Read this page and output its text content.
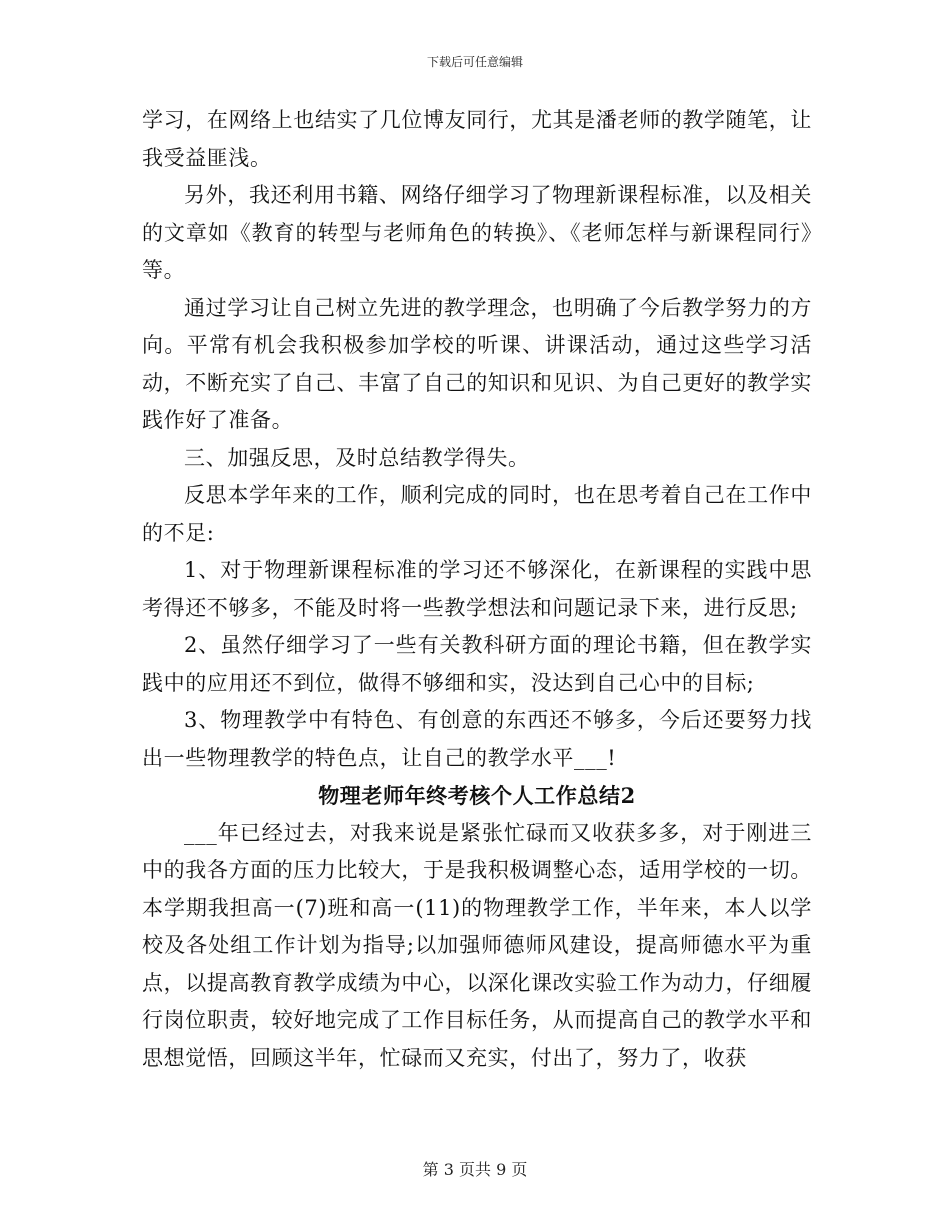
下载后可任意编辑

学习，在网络上也结实了几位博友同行，尤其是潘老师的教学随笔，让我受益匪浅。

另外，我还利用书籍、网络仔细学习了物理新课程标准，以及相关的文章如《教育的转型与老师角色的转换》、《老师怎样与新课程同行》等。

通过学习让自己树立先进的教学理念，也明确了今后教学努力的方向。平常有机会我积极参加学校的听课、讲课活动，通过这些学习活动，不断充实了自己、丰富了自己的知识和见识、为自己更好的教学实践作好了准备。

三、加强反思，及时总结教学得失。

反思本学年来的工作，顺利完成的同时，也在思考着自己在工作中的不足:

1、对于物理新课程标准的学习还不够深化，在新课程的实践中思考得还不够多，不能及时将一些教学想法和问题记录下来，进行反思;

2、虽然仔细学习了一些有关教科研方面的理论书籍，但在教学实践中的应用还不到位，做得不够细和实，没达到自己心中的目标;

3、物理教学中有特色、有创意的东西还不够多，今后还要努力找出一些物理教学的特色点，让自己的教学水平___!

物理老师年终考核个人工作总结2

___年已经过去，对我来说是紧张忙碌而又收获多多，对于刚进三中的我各方面的压力比较大，于是我积极调整心态，适用学校的一切。本学期我担高一(7)班和高一(11)的物理教学工作，半年来，本人以学校及各处组工作计划为指导;以加强师德师风建设，提高师德水平为重点，以提高教育教学成绩为中心，以深化课改实验工作为动力，仔细履行岗位职责，较好地完成了工作目标任务，从而提高自己的教学水平和思想觉悟，回顾这半年，忙碌而又充实，付出了，努力了，收获

第 3 页共 9 页
